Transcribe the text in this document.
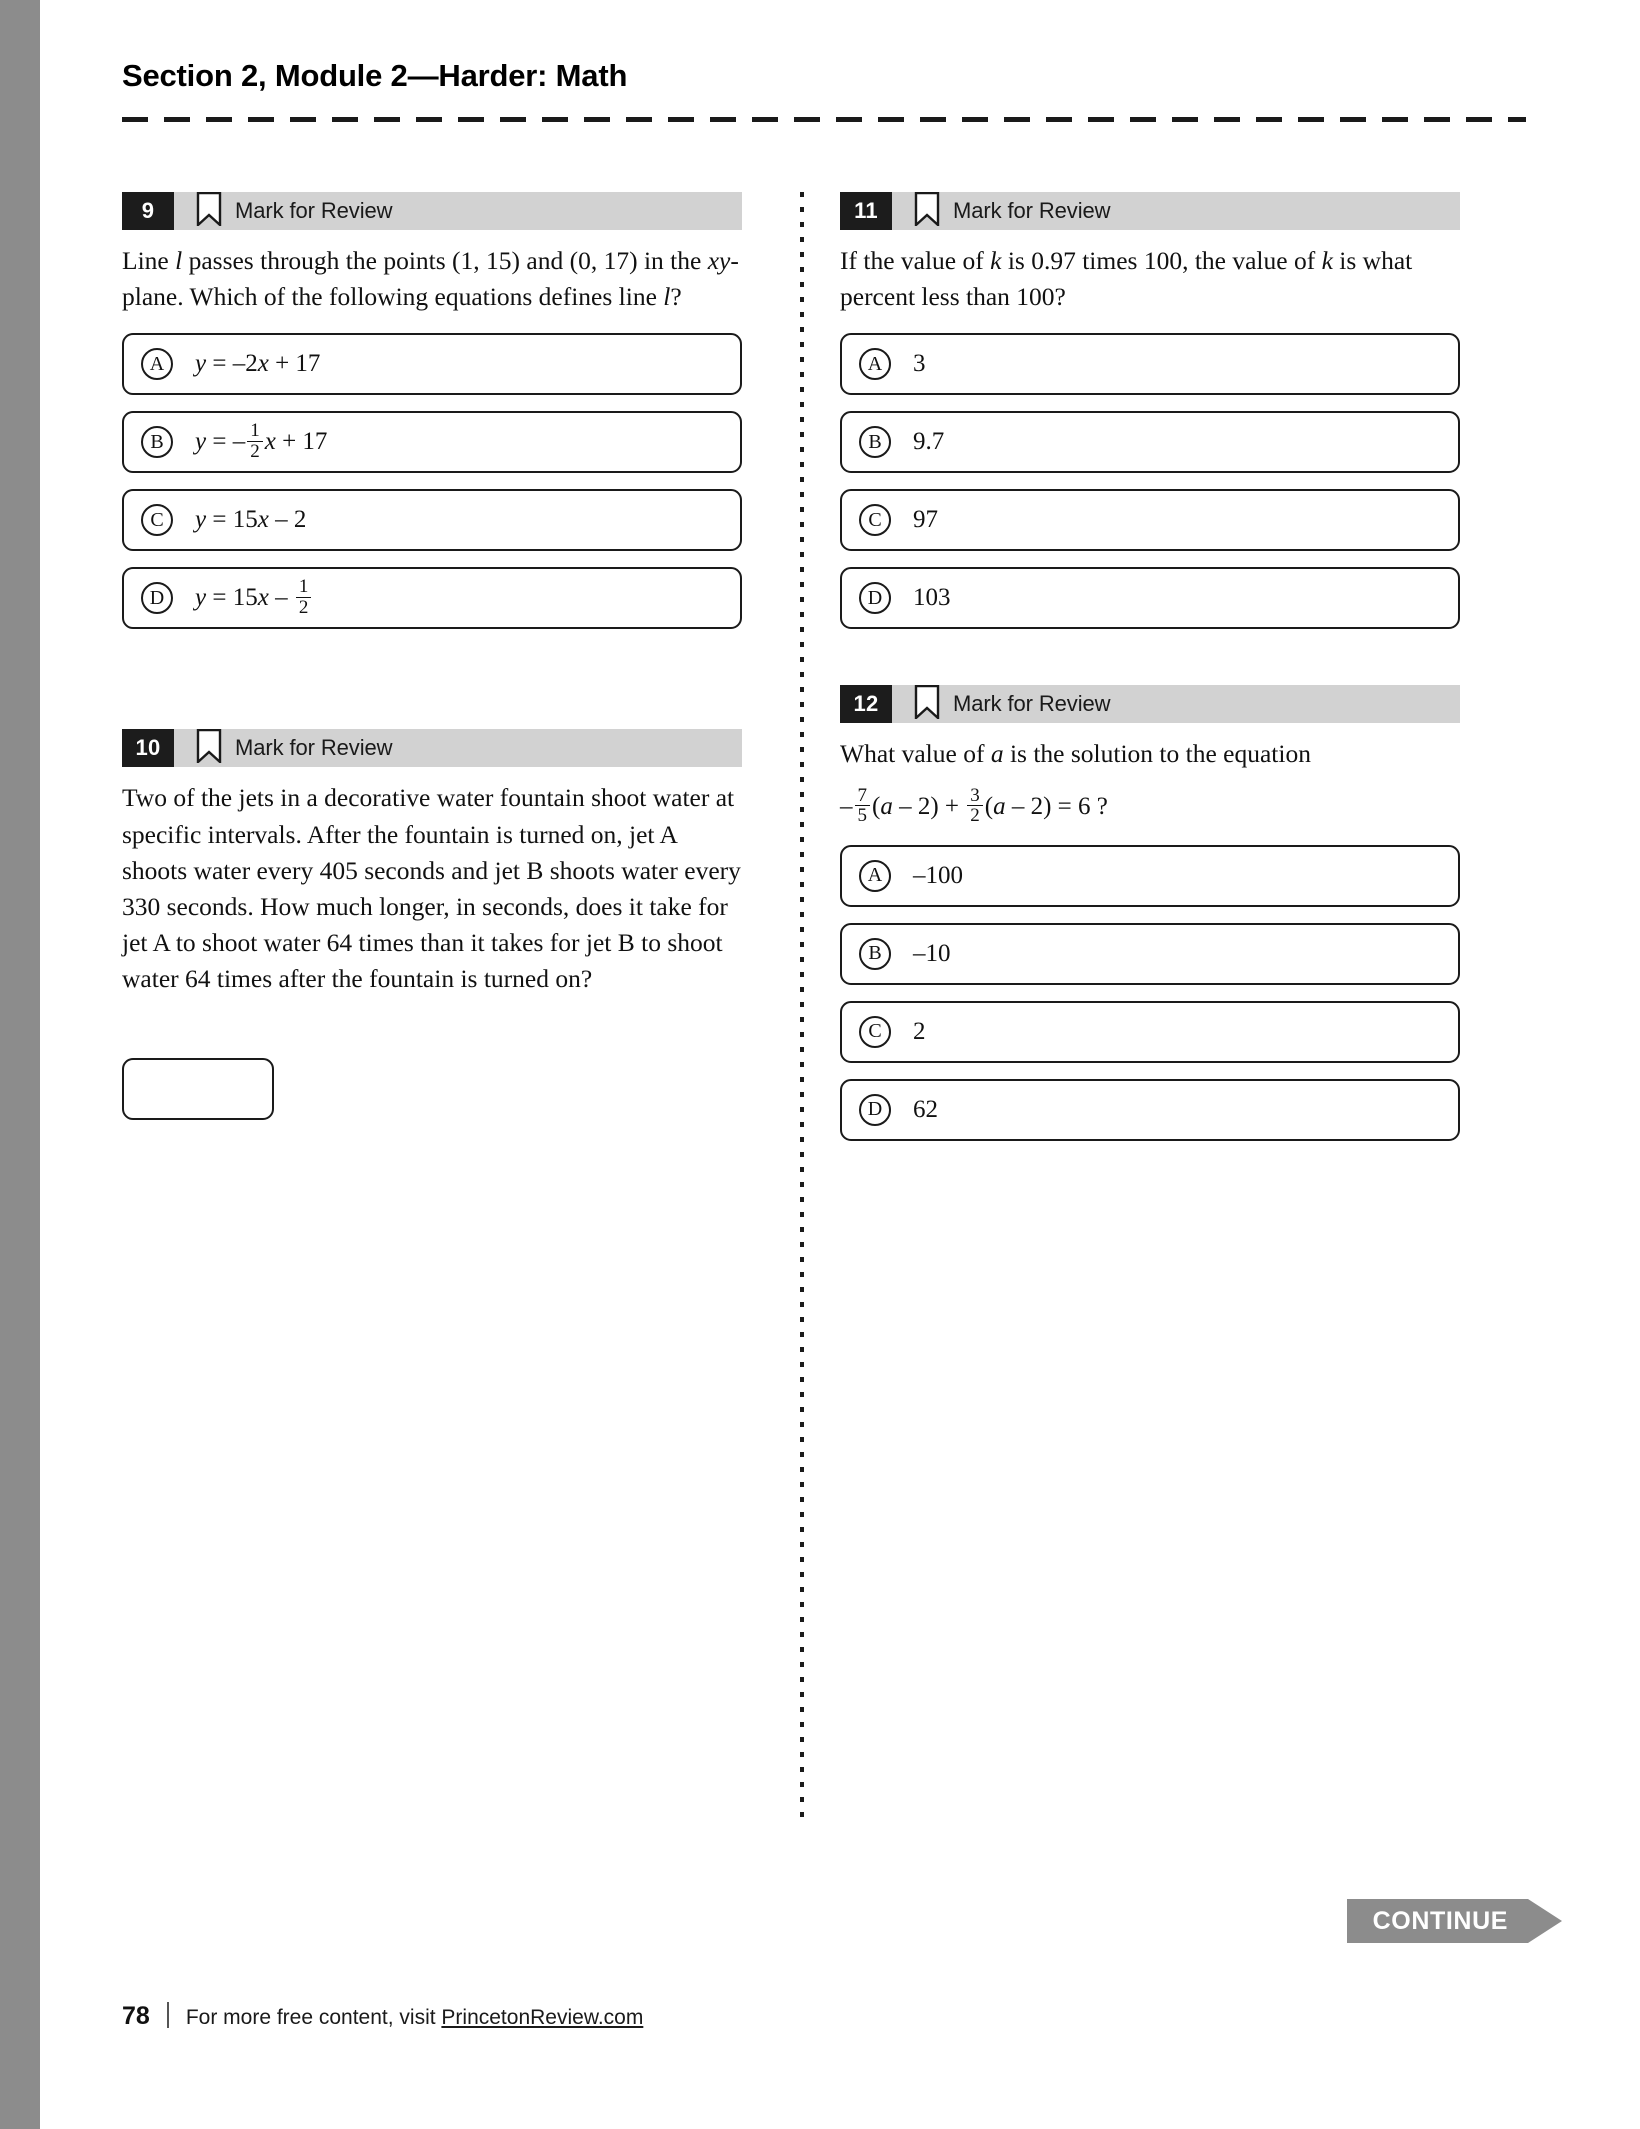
Section 2, Module 2—Harder: Math
9	Mark for Review
Line l passes through the points (1, 15) and (0, 17) in the xy-plane. Which of the following equations defines line l?
A	y = –2 x + 17
B	y = – $\frac{1}{2}$ x + 17
C	y = 15 x – 2
D	y = 15 x – $\frac{1}{2}$
10	Mark for Review
Two of the jets in a decorative water fountain shoot water at specific intervals. After the fountain is turned on, jet A shoots water every 405 seconds and jet B shoots water every 330 seconds. How much longer, in seconds, does it take for jet A to shoot water 64 times than it takes for jet B to shoot water 64 times after the fountain is turned on?
11	Mark for Review
If the value of k is 0.97 times 100, the value of k is what percent less than 100?
A	3
B	9.7
C	97
D	103
12	Mark for Review
What value of a is the solution to the equation
– $\frac{7}{5}$ ( $a - 2) + \frac{3}{2}$ ( a – 2) = 6 ?
A	–100
B	–10
C	2
D	62
CONTINUE
78 For more free content, visit PrincetonReview.com
